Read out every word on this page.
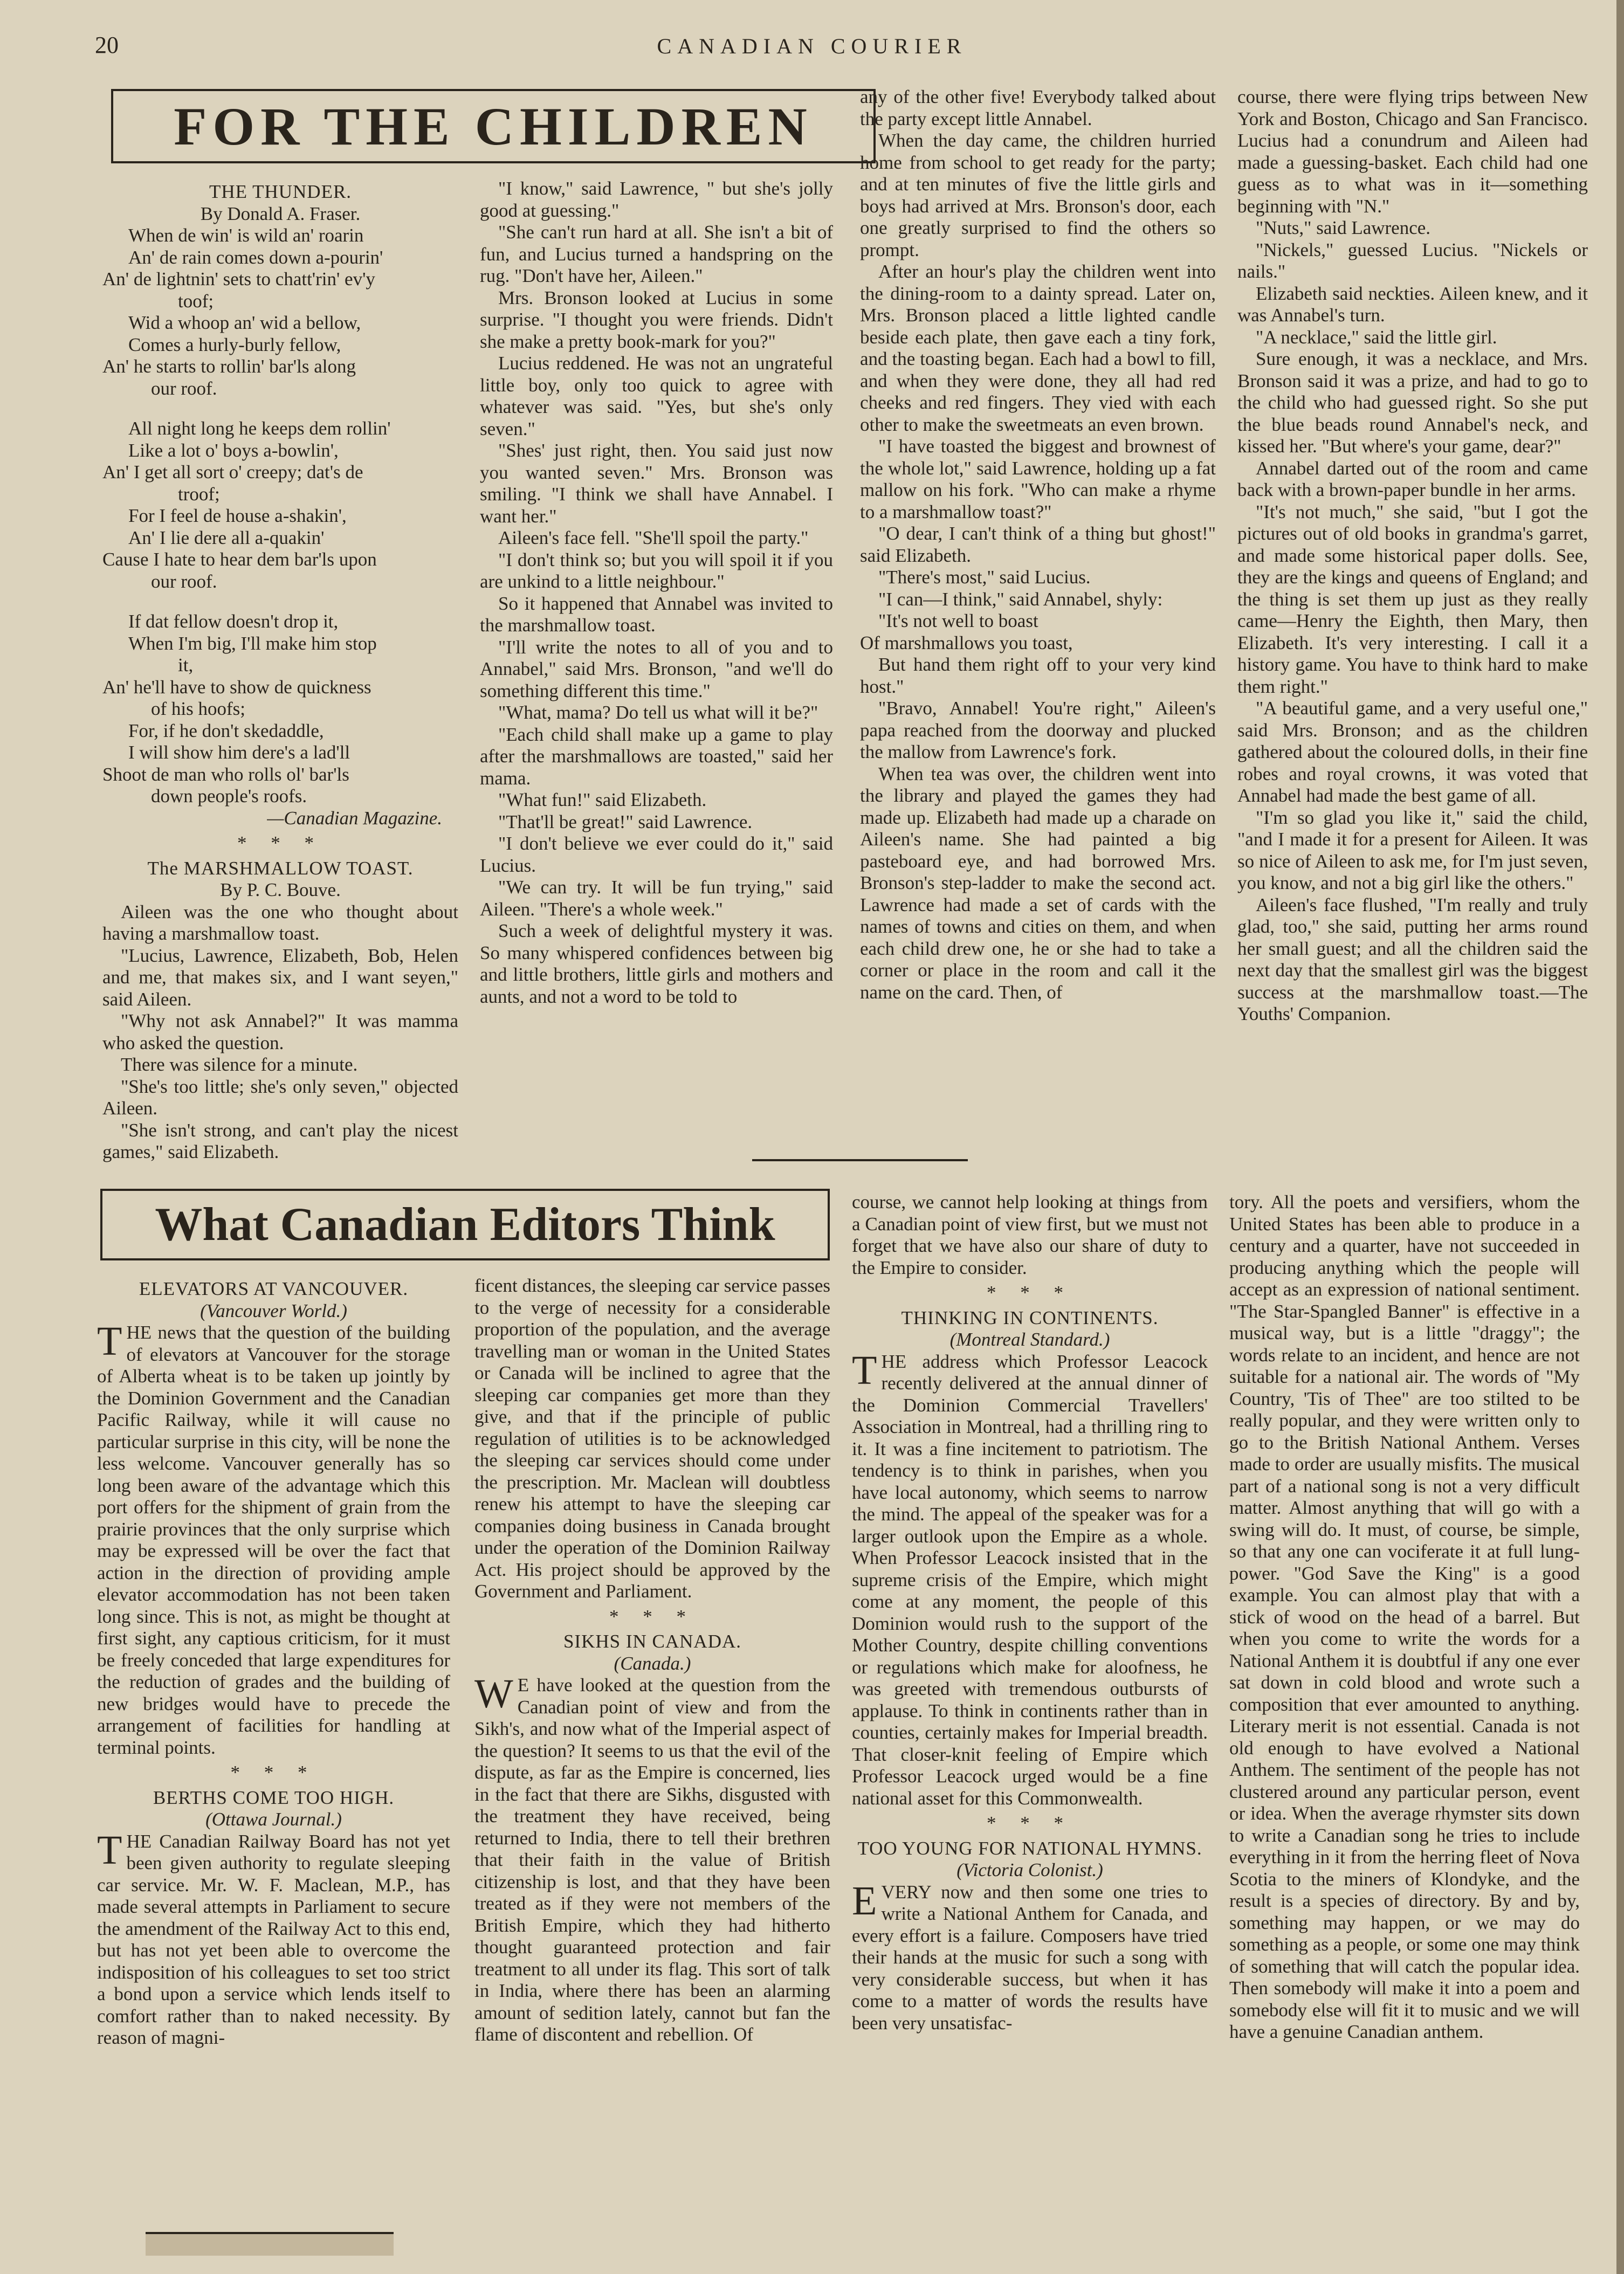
20	CANADIAN COURIER
FOR THE CHILDREN

THE THUNDER.

By Donald A. Fraser.

When de win' is wild an' roarin

An' de rain comes down a-pourin'

An' de lightnin' sets to chatt'rin' ev'y

toof;

Wid a whoop an' wid a bellow,

Comes a hurly-burly fellow,

An' he starts to rollin' bar'ls along

our roof.

All night long he keeps dem rollin'

Like a lot o' boys a-bowlin',

An' I get all sort o' creepy; dat's de

troof;

For I feel de house a-shakin',

An' I lie dere all a-quakin'

Cause I hate to hear dem bar'ls upon

our roof.

If dat fellow doesn't drop it,

When I'm big, I'll make him stop

it,

An' he'll have to show de quickness

of his hoofs;

For, if he don't skedaddle,

I will show him dere's a lad'll

Shoot de man who rolls ol' bar'ls

down people's roofs.

—Canadian Magazine.

* * *

The MARSHMALLOW TOAST.

By P. C. Bouve.

Aileen was the one who thought about having a marshmallow toast.

"Lucius, Lawrence, Elizabeth, Bob, Helen and me, that makes six, and I want seyen," said Aileen.

"Why not ask Annabel?" It was mamma who asked the question.

There was silence for a minute.

"She's too little; she's only seven," objected Aileen.

"She isn't strong, and can't play the nicest games," said Elizabeth.

"I know," said Lawrence, " but she's jolly good at guessing."

"She can't run hard at all. She isn't a bit of fun, and Lucius turned a handspring on the rug. "Don't have her, Aileen."

Mrs. Bronson looked at Lucius in some surprise. "I thought you were friends. Didn't she make a pretty book-mark for you?"

Lucius reddened. He was not an ungrateful little boy, only too quick to agree with whatever was said. "Yes, but she's only seven."

"Shes' just right, then. You said just now you wanted seven." Mrs. Bronson was smiling. "I think we shall have Annabel. I want her."

Aileen's face fell. "She'll spoil the party."

"I don't think so; but you will spoil it if you are unkind to a little neighbour."

So it happened that Annabel was invited to the marshmallow toast.

"I'll write the notes to all of you and to Annabel," said Mrs. Bronson, "and we'll do something different this time."

"What, mama? Do tell us what will it be?"

"Each child shall make up a game to play after the marshmallows are toasted," said her mama.

"What fun!" said Elizabeth.

"That'll be great!" said Lawrence.

"I don't believe we ever could do it," said Lucius.

"We can try. It will be fun trying," said Aileen. "There's a whole week."

Such a week of delightful mystery it was. So many whispered confidences between big and little brothers, little girls and mothers and aunts, and not a word to be told to

any of the other five! Everybody talked about the party except little Annabel.

When the day came, the children hurried home from school to get ready for the party; and at ten minutes of five the little girls and boys had arrived at Mrs. Bronson's door, each one greatly surprised to find the others so prompt.

After an hour's play the children went into the dining-room to a dainty spread. Later on, Mrs. Bronson placed a little lighted candle beside each plate, then gave each a tiny fork, and the toasting began. Each had a bowl to fill, and when they were done, they all had red cheeks and red fingers. They vied with each other to make the sweetmeats an even brown.

"I have toasted the biggest and brownest of the whole lot," said Lawrence, holding up a fat mallow on his fork. "Who can make a rhyme to a marshmallow toast?"

"O dear, I can't think of a thing but ghost!" said Elizabeth.

"There's most," said Lucius.

"I can—I think," said Annabel, shyly:

"It's not well to boast

Of marshmallows you toast,

But hand them right off to your very kind host."

"Bravo, Annabel! You're right," Aileen's papa reached from the doorway and plucked the mallow from Lawrence's fork.

When tea was over, the children went into the library and played the games they had made up. Elizabeth had made up a charade on Aileen's name. She had painted a big pasteboard eye, and had borrowed Mrs. Bronson's step-ladder to make the second act. Lawrence had made a set of cards with the names of towns and cities on them, and when each child drew one, he or she had to take a corner or place in the room and call it the name on the card. Then, of

course, there were flying trips between New York and Boston, Chicago and San Francisco. Lucius had a conundrum and Aileen had made a guessing-basket. Each child had one guess as to what was in it—something beginning with "N."

"Nuts," said Lawrence.

"Nickels," guessed Lucius. "Nickels or nails."

Elizabeth said neckties. Aileen knew, and it was Annabel's turn.

"A necklace," said the little girl.

Sure enough, it was a necklace, and Mrs. Bronson said it was a prize, and had to go to the child who had guessed right. So she put the blue beads round Annabel's neck, and kissed her. "But where's your game, dear?"

Annabel darted out of the room and came back with a brown-paper bundle in her arms.

"It's not much," she said, "but I got the pictures out of old books in grandma's garret, and made some historical paper dolls. See, they are the kings and queens of England; and the thing is set them up just as they really came—Henry the Eighth, then Mary, then Elizabeth. It's very interesting. I call it a history game. You have to think hard to make them right."

"A beautiful game, and a very useful one," said Mrs. Bronson; and as the children gathered about the coloured dolls, in their fine robes and royal crowns, it was voted that Annabel had made the best game of all.

"I'm so glad you like it," said the child, "and I made it for a present for Aileen. It was so nice of Aileen to ask me, for I'm just seven, you know, and not a big girl like the others."

Aileen's face flushed, "I'm really and truly glad, too," she said, putting her arms round her small guest; and all the children said the next day that the smallest girl was the biggest success at the marshmallow toast.—The Youths' Companion.

What Canadian Editors Think

ELEVATORS AT VANCOUVER.

(Vancouver World.)

THE news that the question of the building of elevators at Vancouver for the storage of Alberta wheat is to be taken up jointly by the Dominion Government and the Canadian Pacific Railway, while it will cause no particular surprise in this city, will be none the less welcome. Vancouver generally has so long been aware of the advantage which this port offers for the shipment of grain from the prairie provinces that the only surprise which may be expressed will be over the fact that action in the direction of providing ample elevator accommodation has not been taken long since. This is not, as might be thought at first sight, any captious criticism, for it must be freely conceded that large expenditures for the reduction of grades and the building of new bridges would have to precede the arrangement of facilities for handling at terminal points.

* * *

BERTHS COME TOO HIGH.

(Ottawa Journal.)

THE Canadian Railway Board has not yet been given authority to regulate sleeping car service. Mr. W. F. Maclean, M.P., has made several attempts in Parliament to secure the amendment of the Railway Act to this end, but has not yet been able to overcome the indisposition of his colleagues to set too strict a bond upon a service which lends itself to comfort rather than to naked necessity. By reason of magni-

ficent distances, the sleeping car service passes to the verge of necessity for a considerable proportion of the population, and the average travelling man or woman in the United States or Canada will be inclined to agree that the sleeping car companies get more than they give, and that if the principle of public regulation of utilities is to be acknowledged the sleeping car services should come under the prescription. Mr. Maclean will doubtless renew his attempt to have the sleeping car companies doing business in Canada brought under the operation of the Dominion Railway Act. His project should be approved by the Government and Parliament.

* * *

SIKHS IN CANADA.

(Canada.)

W E have looked at the question from the Canadian point of view and from the Sikh's, and now what of the Imperial aspect of the question? It seems to us that the evil of the dispute, as far as the Empire is concerned, lies in the fact that there are Sikhs, disgusted with the treatment they have received, being returned to India, there to tell their brethren that their faith in the value of British citizenship is lost, and that they have been treated as if they were not members of the British Empire, which they had hitherto thought guaranteed protection and fair treatment to all under its flag. This sort of talk in India, where there has been an alarming amount of sedition lately, cannot but fan the flame of discontent and rebellion. Of

course, we cannot help looking at things from a Canadian point of view first, but we must not forget that we have also our share of duty to the Empire to consider.

* * *

THINKING IN CONTINENTS.

(Montreal Standard.)

THE address which Professor Leacock recently delivered at the annual dinner of the Dominion Commercial Travellers' Association in Montreal, had a thrilling ring to it. It was a fine incitement to patriotism. The tendency is to think in parishes, when you have local autonomy, which seems to narrow the mind. The appeal of the speaker was for a larger outlook upon the Empire as a whole. When Professor Leacock insisted that in the supreme crisis of the Empire, which might come at any moment, the people of this Dominion would rush to the support of the Mother Country, despite chilling conventions or regulations which make for aloofness, he was greeted with tremendous outbursts of applause. To think in continents rather than in counties, certainly makes for Imperial breadth. That closer-knit feeling of Empire which Professor Leacock urged would be a fine national asset for this Commonwealth.

* * *

TOO YOUNG FOR NATIONAL HYMNS.

(Victoria Colonist.)

EVERY now and then some one tries to write a National Anthem for Canada, and every effort is a failure. Composers have tried their hands at the music for such a song with very considerable success, but when it has come to a matter of words the results have been very unsatisfac-

tory. All the poets and versifiers, whom the United States has been able to produce in a century and a quarter, have not succeeded in producing anything which the people will accept as an expression of national sentiment. "The Star-Spangled Banner" is effective in a musical way, but is a little "draggy"; the words relate to an incident, and hence are not suitable for a national air. The words of "My Country, 'Tis of Thee" are too stilted to be really popular, and they were written only to go to the British National Anthem. Verses made to order are usually misfits. The musical part of a national song is not a very difficult matter. Almost anything that will go with a swing will do. It must, of course, be simple, so that any one can vociferate it at full lung-power. "God Save the King" is a good example. You can almost play that with a stick of wood on the head of a barrel. But when you come to write the words for a National Anthem it is doubtful if any one ever sat down in cold blood and wrote such a composition that ever amounted to anything. Literary merit is not essential. Canada is not old enough to have evolved a National Anthem. The sentiment of the people has not clustered around any particular person, event or idea. When the average rhymster sits down to write a Canadian song he tries to include everything in it from the herring fleet of Nova Scotia to the miners of Klondyke, and the result is a species of directory. By and by, something may happen, or we may do something as a people, or some one may think of something that will catch the popular idea. Then somebody will make it into a poem and somebody else will fit it to music and we will have a genuine Canadian anthem.
